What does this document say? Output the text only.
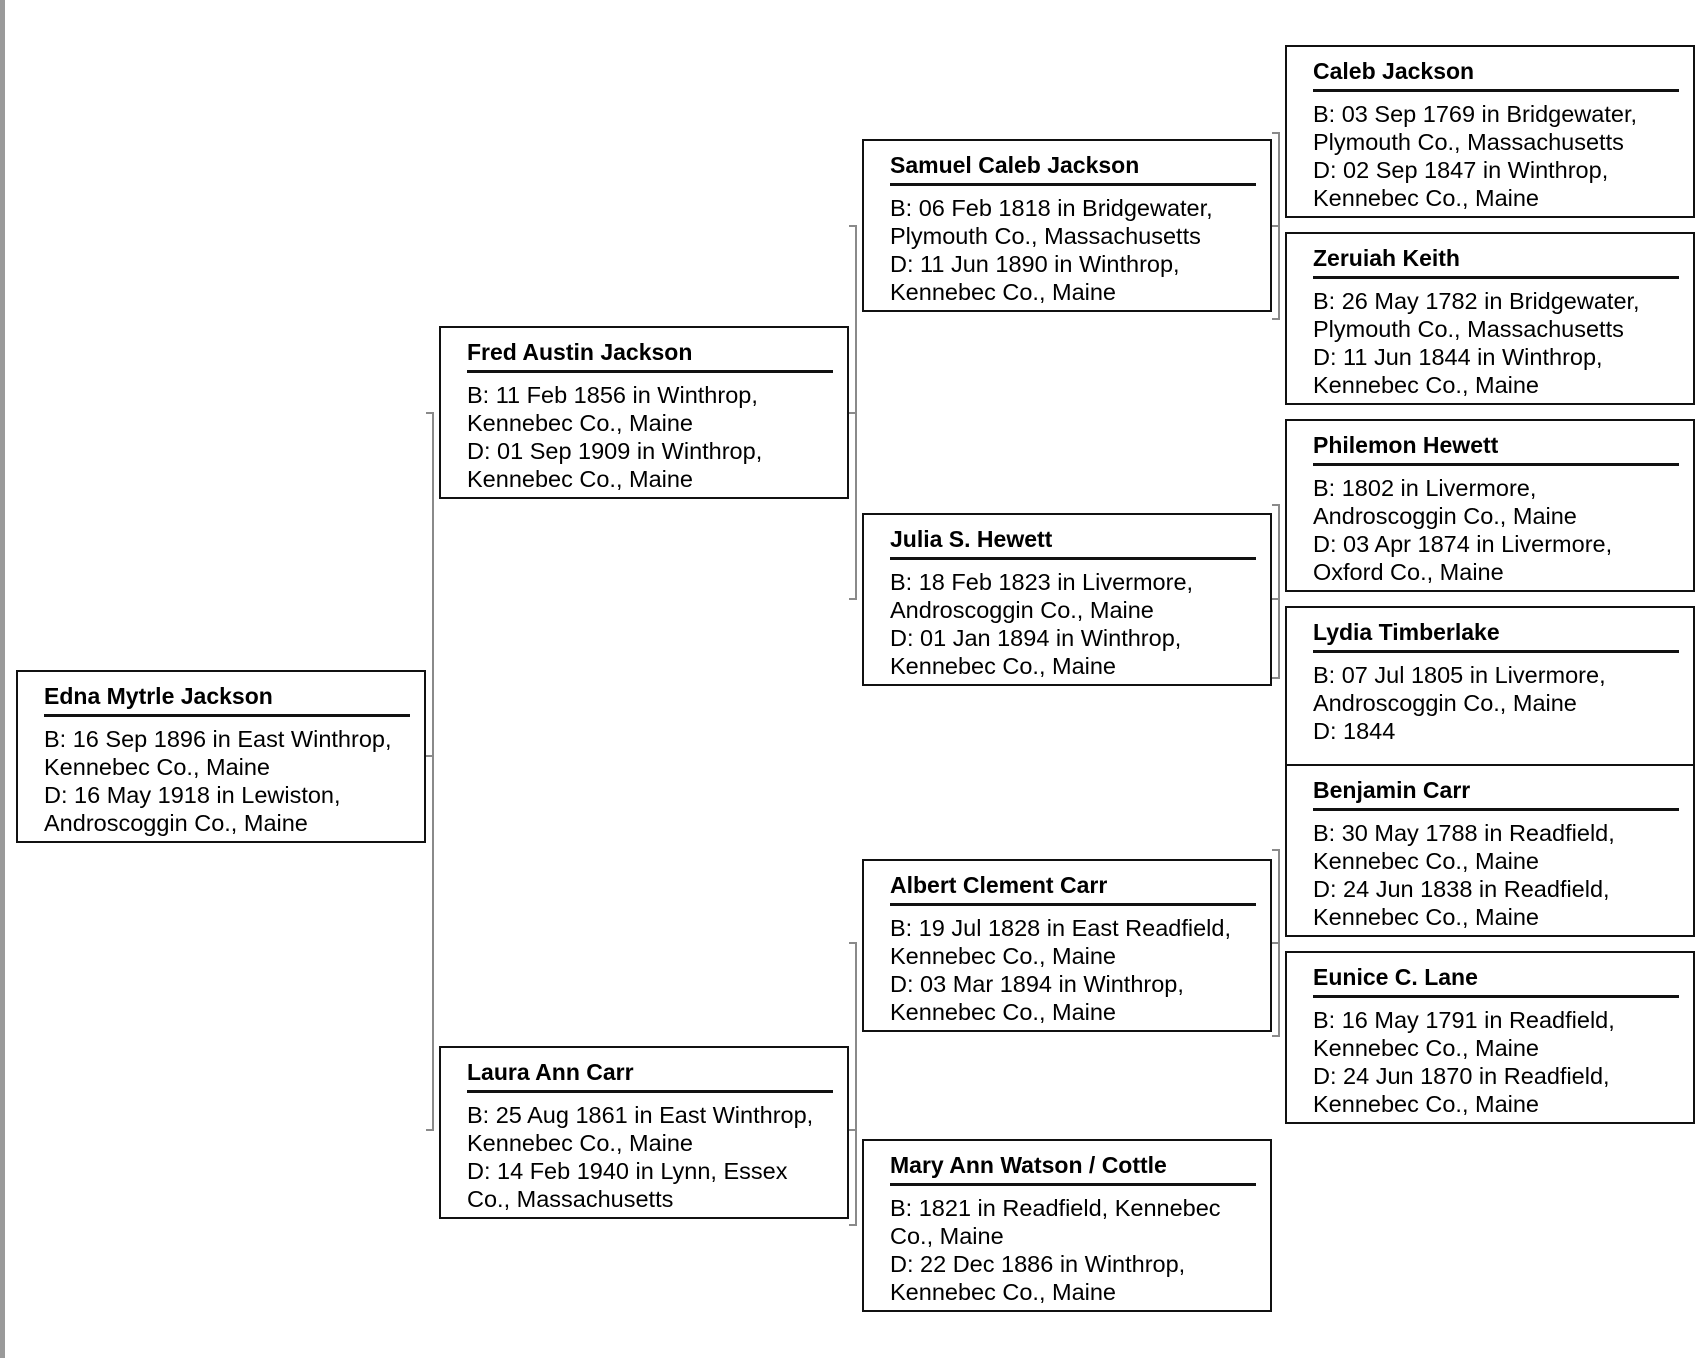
Edna Mytrle Jackson
B: 16 Sep 1896 in East Winthrop,
Kennebec Co., Maine
D: 16 May 1918 in Lewiston,
Androscoggin Co., Maine
Fred Austin Jackson
B: 11 Feb 1856 in Winthrop,
Kennebec Co., Maine
D: 01 Sep 1909 in Winthrop,
Kennebec Co., Maine
Laura Ann Carr
B: 25 Aug 1861 in East Winthrop,
Kennebec Co., Maine
D: 14 Feb 1940 in Lynn, Essex
Co., Massachusetts
Samuel Caleb Jackson
B: 06 Feb 1818 in Bridgewater,
Plymouth Co., Massachusetts
D: 11 Jun 1890 in Winthrop,
Kennebec Co., Maine
Julia S. Hewett
B: 18 Feb 1823 in Livermore,
Androscoggin Co., Maine
D: 01 Jan 1894 in Winthrop,
Kennebec Co., Maine
Albert Clement Carr
B: 19 Jul 1828 in East Readfield,
Kennebec Co., Maine
D: 03 Mar 1894 in Winthrop,
Kennebec Co., Maine
Mary Ann Watson / Cottle
B: 1821 in Readfield, Kennebec
Co., Maine
D: 22 Dec 1886 in Winthrop,
Kennebec Co., Maine
Caleb Jackson
B: 03 Sep 1769 in Bridgewater,
Plymouth Co., Massachusetts
D: 02 Sep 1847 in Winthrop,
Kennebec Co., Maine
Zeruiah Keith
B: 26 May 1782 in Bridgewater,
Plymouth Co., Massachusetts
D: 11 Jun 1844 in Winthrop,
Kennebec Co., Maine
Philemon Hewett
B: 1802 in Livermore,
Androscoggin Co., Maine
D: 03 Apr 1874 in Livermore,
Oxford Co., Maine
Lydia Timberlake
B: 07 Jul 1805 in Livermore,
Androscoggin Co., Maine
D: 1844
Benjamin Carr
B: 30 May 1788 in Readfield,
Kennebec Co., Maine
D: 24 Jun 1838 in Readfield,
Kennebec Co., Maine
Eunice C. Lane
B: 16 May 1791 in Readfield,
Kennebec Co., Maine
D: 24 Jun 1870 in Readfield,
Kennebec Co., Maine
